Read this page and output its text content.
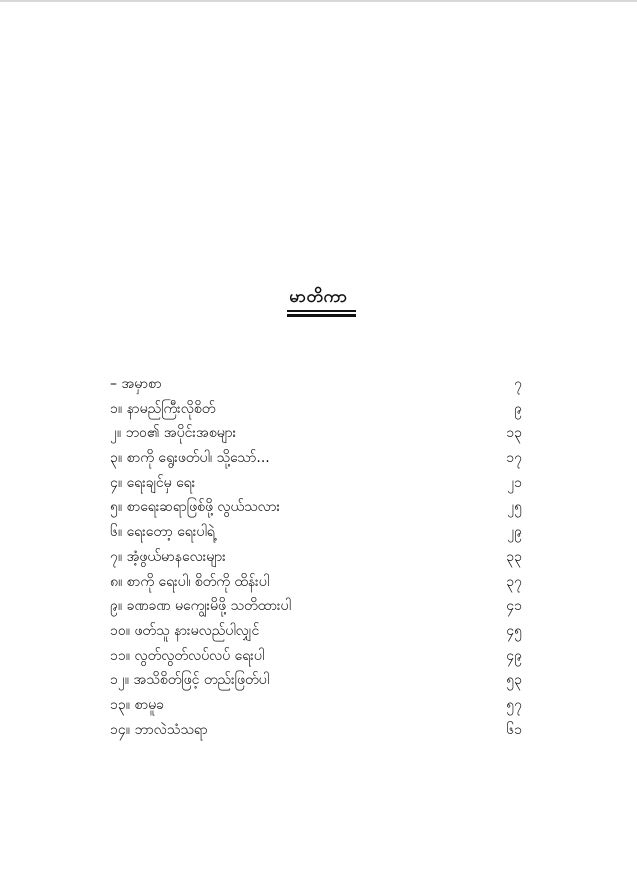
မာတိကာ
– အမှာစာ	၇
၁။ နာမည်ကြီးလိုစိတ်	၉
၂။ ဘဝ၏ အပိုင်းအစများ	၁၃
၃။ စာကို ရွေးဖတ်ပါ၊ သို့သော်...	၁၇
၄။ ရေးချင်မှ ရေး	၂၁
၅။ စာရေးဆရာဖြစ်ဖို့ လွယ်သလား	၂၅
၆။ ရေးတော့ ရေးပါရဲ့	၂၉
၇။ အံ့ဖွယ်မာနလေးများ	၃၃
၈။ စာကို ရေးပါ၊ စိတ်ကို ထိန်းပါ	၃၇
၉။ ခဏခဏ မကျွေးမိဖို့ သတိထားပါ	၄၁
၁၀။ ဖတ်သူ နားမလည်ပါလျှင်	၄၅
၁၁။ လွတ်လွတ်လပ်လပ် ရေးပါ	၄၉
၁၂။ အသိစိတ်ဖြင့် တည်းဖြတ်ပါ	၅၃
၁၃။ စာမူခ	၅၇
၁၄။ ဘာလဲသံသရာ	၆၁
